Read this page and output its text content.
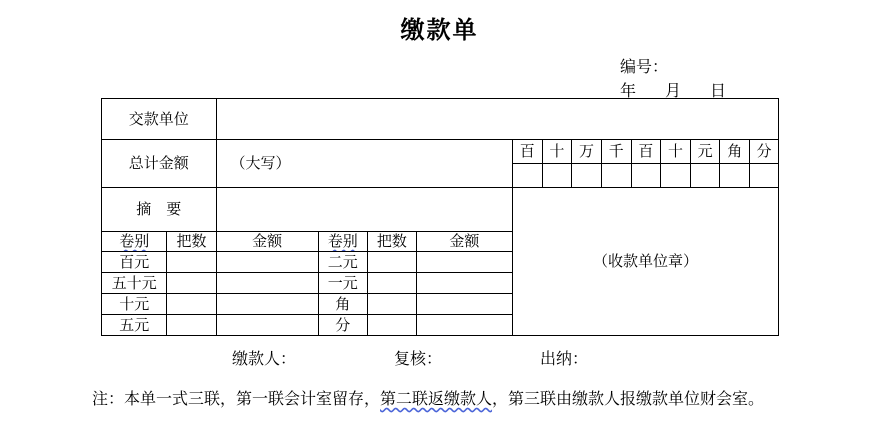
缴款单
编号：
年 月 日
交款单位														
总计金额		（大写）				百	十	万	千	百	十	元	角	分

摘　要						（收款单位章）								
卷别	把数	金额	卷别	把数	金额									
百元			二元											
五十元			一元											
十元			角											
五元			分											
缴款人：	复核：	出纳：
注：本单一式三联，第一联会计室留存，第二联返缴款人，第三联由缴款人报缴款单位财会室。
